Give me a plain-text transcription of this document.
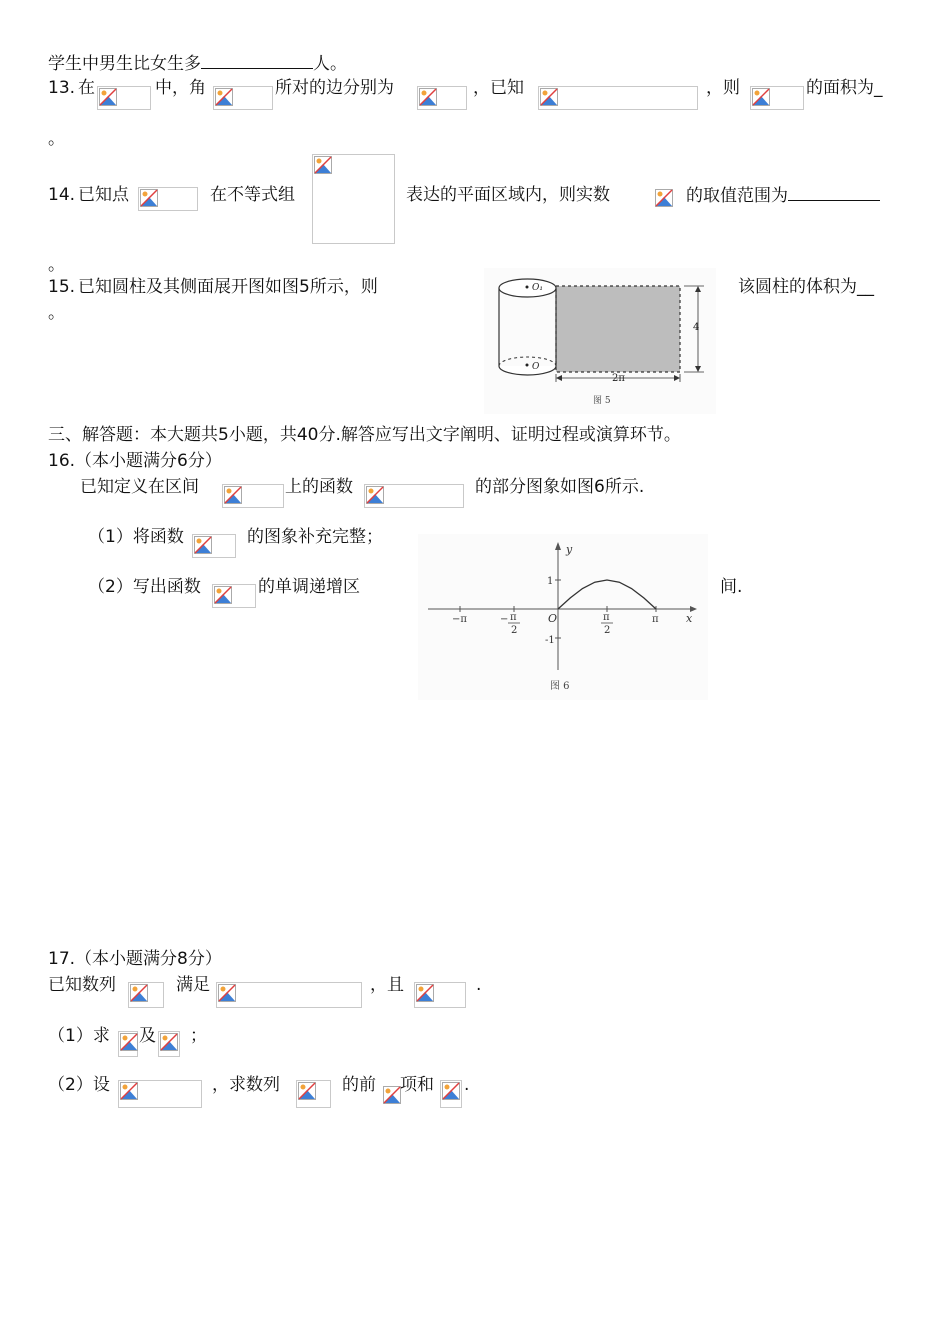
学生中男生比女生多	人。
13. 在	中，角	所对的边分别为	，已知	，则	的面积为_
。
14. 已知点	在不等式组	表达的平面区域内，则实数	的取值范围为
。
15. 已知圆柱及其侧面展开图如图5所示，则	该圆柱的体积为__
。
O₁
O
4
2π
图 5
三、解答题：本大题共5小题，共40分.解答应写出文字阐明、证明过程或演算环节。
16.（本小题满分6分）
已知定义在区间	上的函数	的部分图象如图6所示.
（1）将函数	的图象补充完整；
（2）写出函数	的单调递增区	间.
y
x
O
−π	− π
2
π
2
π
1
-1
图 6
17.（本小题满分8分）
已知数列	满足	，且	.
（1）求 及 ；
（2）设	，求数列	的前 项和 .
